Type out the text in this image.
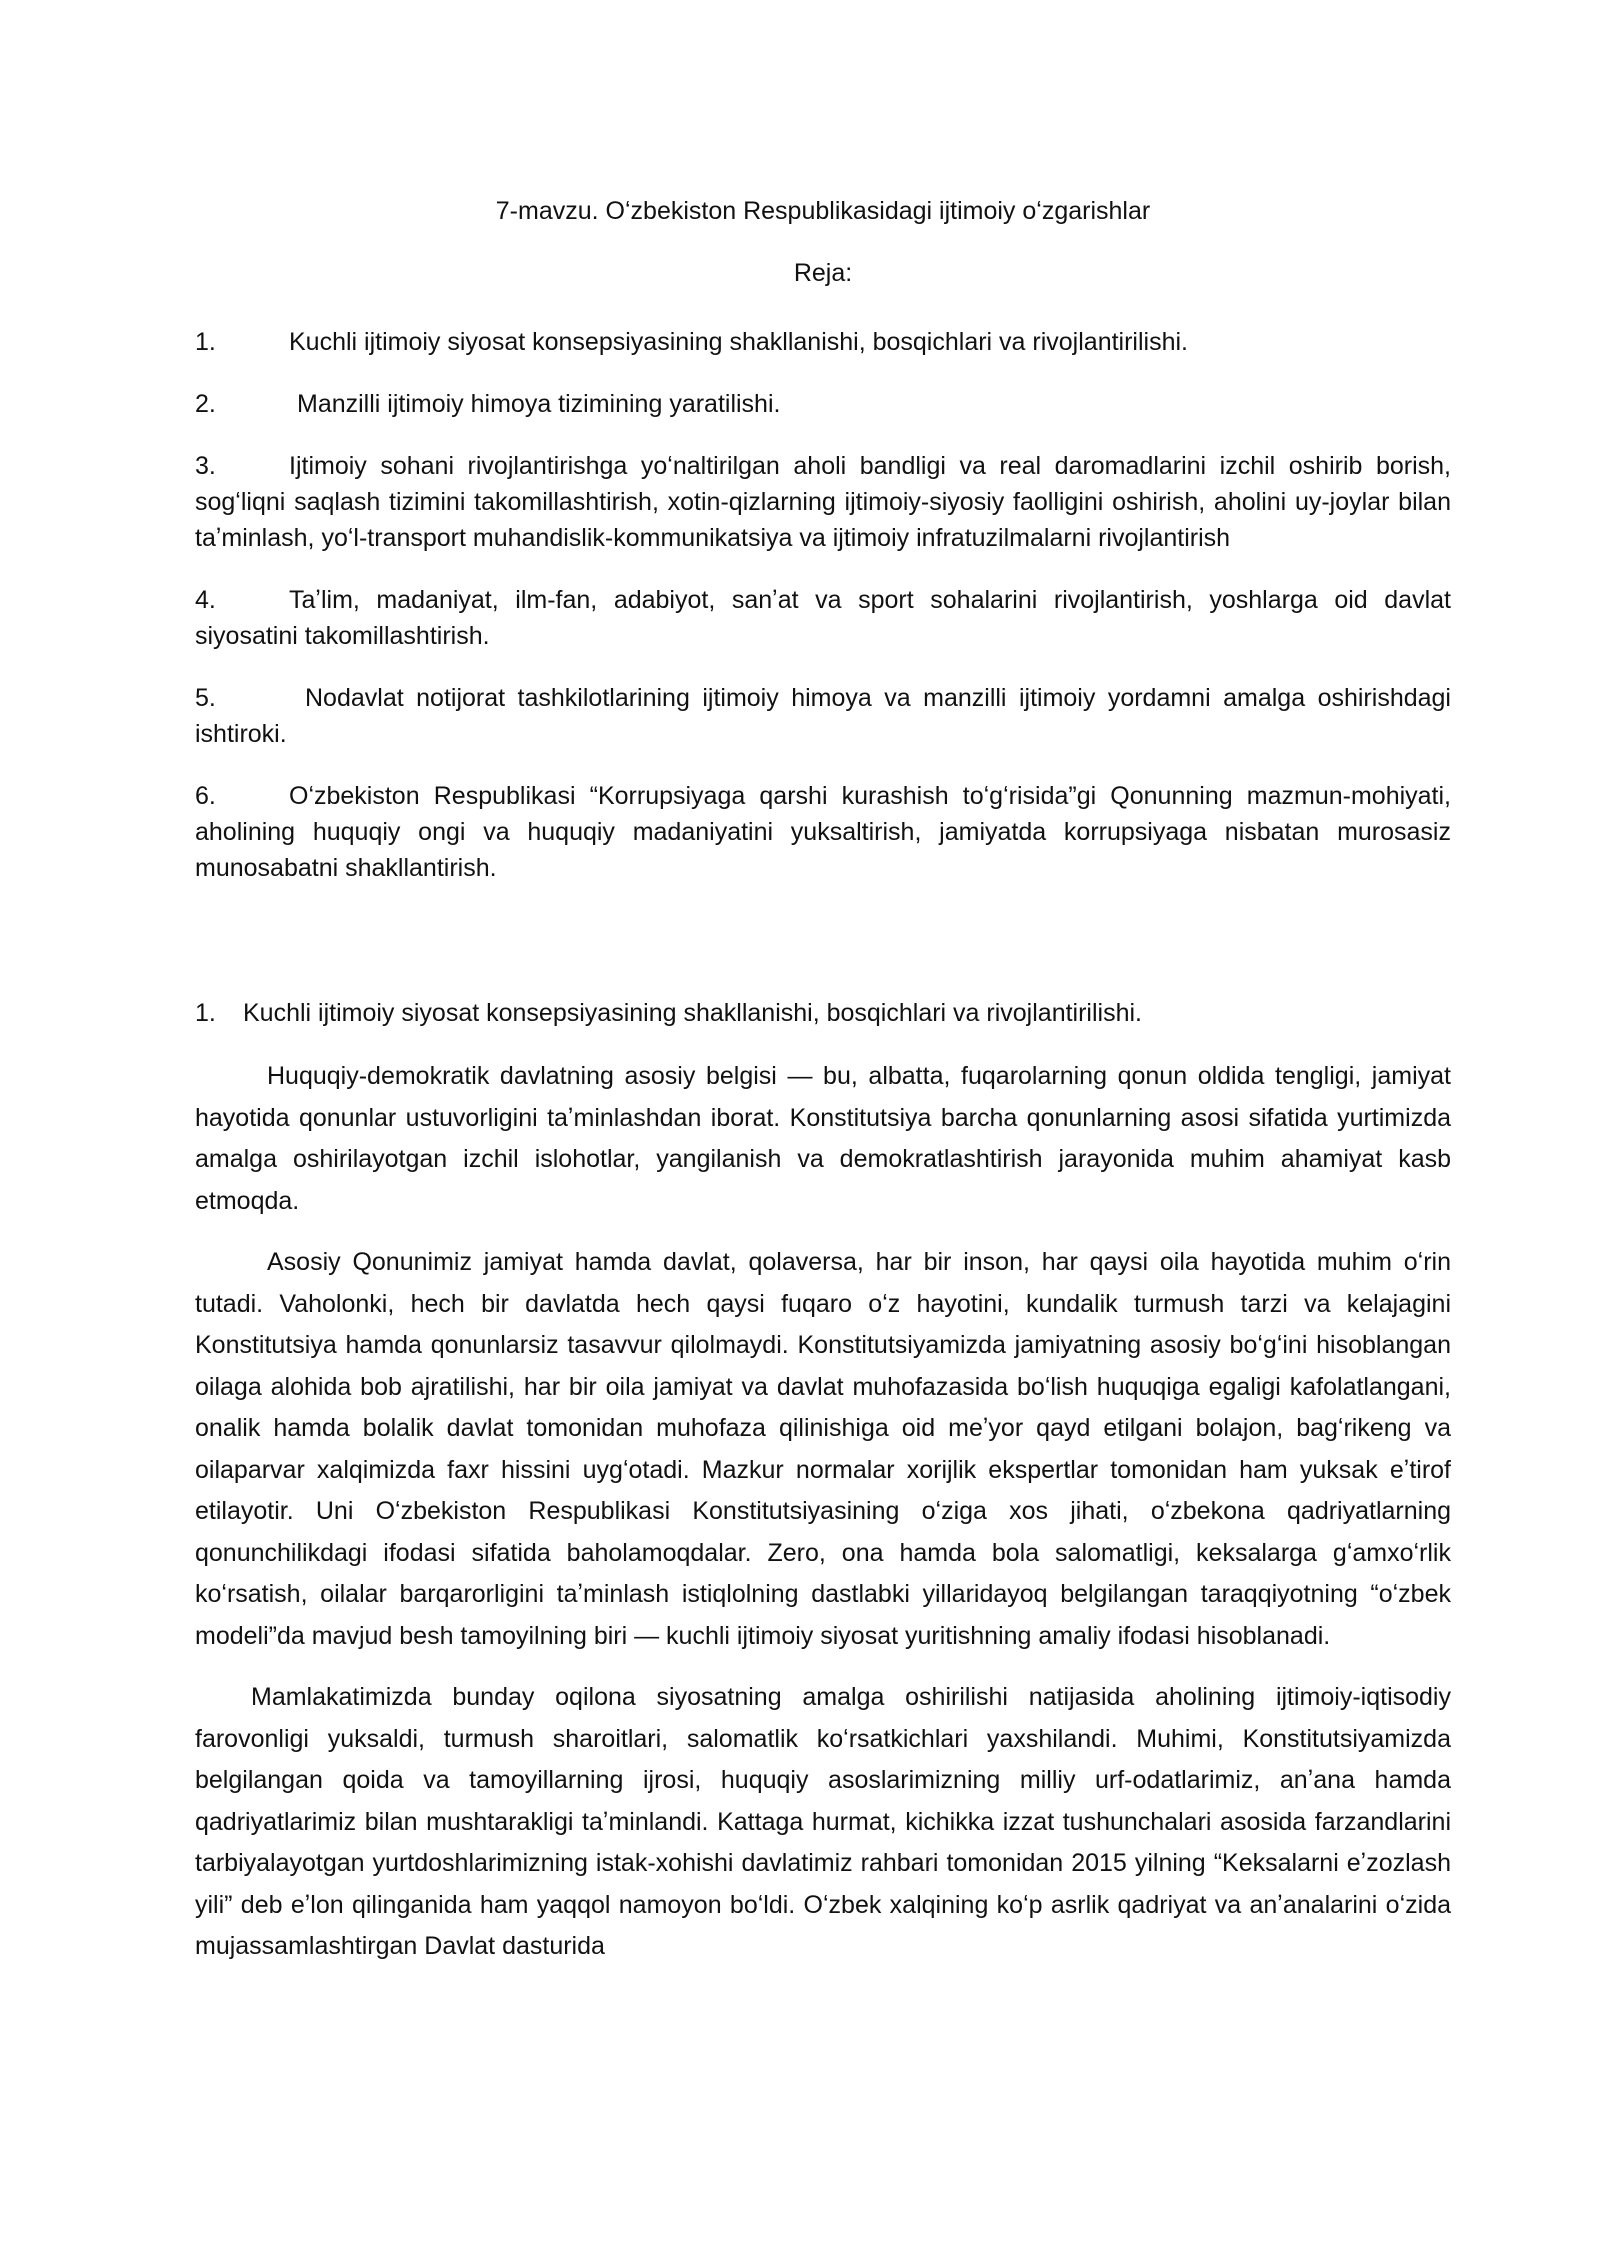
7-mavzu. Oʻzbekiston Respublikasidagi ijtimoiy oʻzgarishlar

Reja:

1.	Kuchli ijtimoiy siyosat konsepsiyasining shakllanishi, bosqichlari va rivojlantirilishi.

2.	Manzilli ijtimoiy himoya tizimining yaratilishi.

3.	Ijtimoiy sohani rivojlantirishga yoʻnaltirilgan aholi bandligi va real daromadlarini izchil oshirib borish, sogʻliqni saqlash tizimini takomillashtirish, xotin-qizlarning ijtimoiy-siyosiy faolligini oshirish, aholini uy-joylar bilan taʼminlash, yoʻl-transport muhandislik-kommunikatsiya va ijtimoiy infratuzilmalarni rivojlantirish

4.	Taʼlim, madaniyat, ilm-fan, adabiyot, sanʼat va sport sohalarini rivojlantirish, yoshlarga oid davlat siyosatini takomillashtirish.

5.	Nodavlat notijorat tashkilotlarining ijtimoiy himoya va manzilli ijtimoiy yordamni amalga oshirishdagi ishtiroki.

6.	Oʻzbekiston Respublikasi “Korrupsiyaga qarshi kurashish toʻgʻrisida”gi Qonunning mazmun-mohiyati, aholining huquqiy ongi va huquqiy madaniyatini yuksaltirish, jamiyatda korrupsiyaga nisbatan murosasiz munosabatni shakllantirish.

1. Kuchli ijtimoiy siyosat konsepsiyasining shakllanishi, bosqichlari va rivojlantirilishi.

Huquqiy-demokratik davlatning asosiy belgisi — bu, albatta, fuqarolarning qonun oldida tengligi, jamiyat hayotida qonunlar ustuvorligini taʼminlashdan iborat. Konstitutsiya barcha qonunlarning asosi sifatida yurtimizda amalga oshirilayotgan izchil islohotlar, yangilanish va demokratlashtirish jarayonida muhim ahamiyat kasb etmoqda.

Asosiy Qonunimiz jamiyat hamda davlat, qolaversa, har bir inson, har qaysi oila hayotida muhim oʻrin tutadi. Vaholonki, hech bir davlatda hech qaysi fuqaro oʻz hayotini, kundalik turmush tarzi va kelajagini Konstitutsiya hamda qonunlarsiz tasavvur qilolmaydi. Konstitutsiyamizda jamiyatning asosiy boʻgʻini hisoblangan oilaga alohida bob ajratilishi, har bir oila jamiyat va davlat muhofazasida boʻlish huquqiga egaligi kafolatlangani, onalik hamda bolalik davlat tomonidan muhofaza qilinishiga oid meʼyor qayd etilgani bolajon, bagʻrikeng va oilaparvar xalqimizda faxr hissini uygʻotadi. Mazkur normalar xorijlik ekspertlar tomonidan ham yuksak eʼtirof etilayotir. Uni Oʻzbekiston Respublikasi Konstitutsiyasining oʻziga xos jihati, oʻzbekona qadriyatlarning qonunchilikdagi ifodasi sifatida baholamoqdalar. Zero, ona hamda bola salomatligi, keksalarga gʻamxoʻrlik koʻrsatish, oilalar barqarorligini taʼminlash istiqlolning dastlabki yillaridayoq belgilangan taraqqiyotning “oʻzbek modeli”da mavjud besh tamoyilning biri — kuchli ijtimoiy siyosat yuritishning amaliy ifodasi hisoblanadi.

Mamlakatimizda bunday oqilona siyosatning amalga oshirilishi natijasida aholining ijtimoiy-iqtisodiy farovonligi yuksaldi, turmush sharoitlari, salomatlik koʻrsatkichlari yaxshilandi. Muhimi, Konstitutsiyamizda belgilangan qoida va tamoyillarning ijrosi, huquqiy asoslarimizning milliy urf-odatlarimiz, anʼana hamda qadriyatlarimiz bilan mushtarakligi taʼminlandi. Kattaga hurmat, kichikka izzat tushunchalari asosida farzandlarini tarbiyalayotgan yurtdoshlarimizning istak-xohishi davlatimiz rahbari tomonidan 2015 yilning “Keksalarni eʼzozlash yili” deb eʼlon qilinganida ham yaqqol namoyon boʻldi. Oʻzbek xalqining koʻp asrlik qadriyat va anʼanalarini oʻzida mujassamlashtirgan Davlat dasturida
